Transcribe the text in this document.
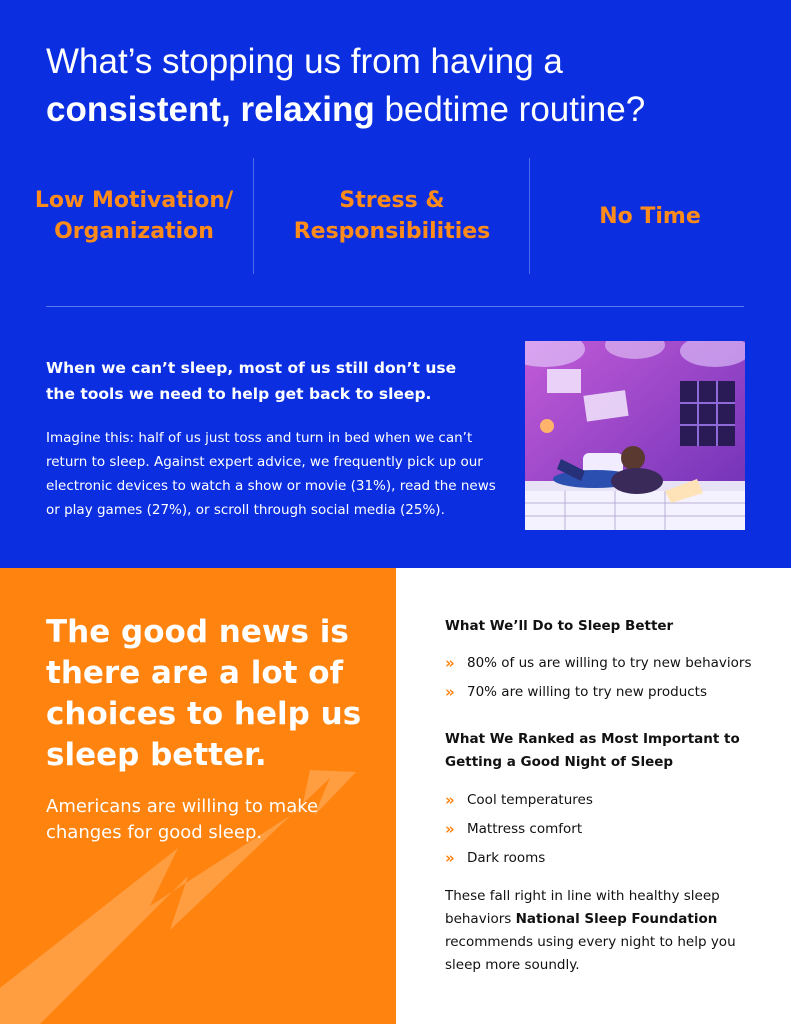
What’s stopping us from having a
consistent, relaxing bedtime routine?
Low Motivation/ Organization
Stress & Responsibilities
No Time
When we can’t sleep, most of us still don’t use the tools we need to help get back to sleep.
Imagine this: half of us just toss and turn in bed when we can’t return to sleep. Against expert advice, we frequently pick up our electronic devices to watch a show or movie (31%), read the news or play games (27%), or scroll through social media (25%).
The good news is there are a lot of choices to help us sleep better.
Americans are willing to make changes for good sleep.
What We’ll Do to Sleep Better
»	80% of us are willing to try new behaviors
»	70% are willing to try new products
What We Ranked as Most Important to Getting a Good Night of Sleep
»	Cool temperatures
»	Mattress comfort
»	Dark rooms
These fall right in line with healthy sleep behaviors National Sleep Foundation recommends using every night to help you sleep more soundly.
